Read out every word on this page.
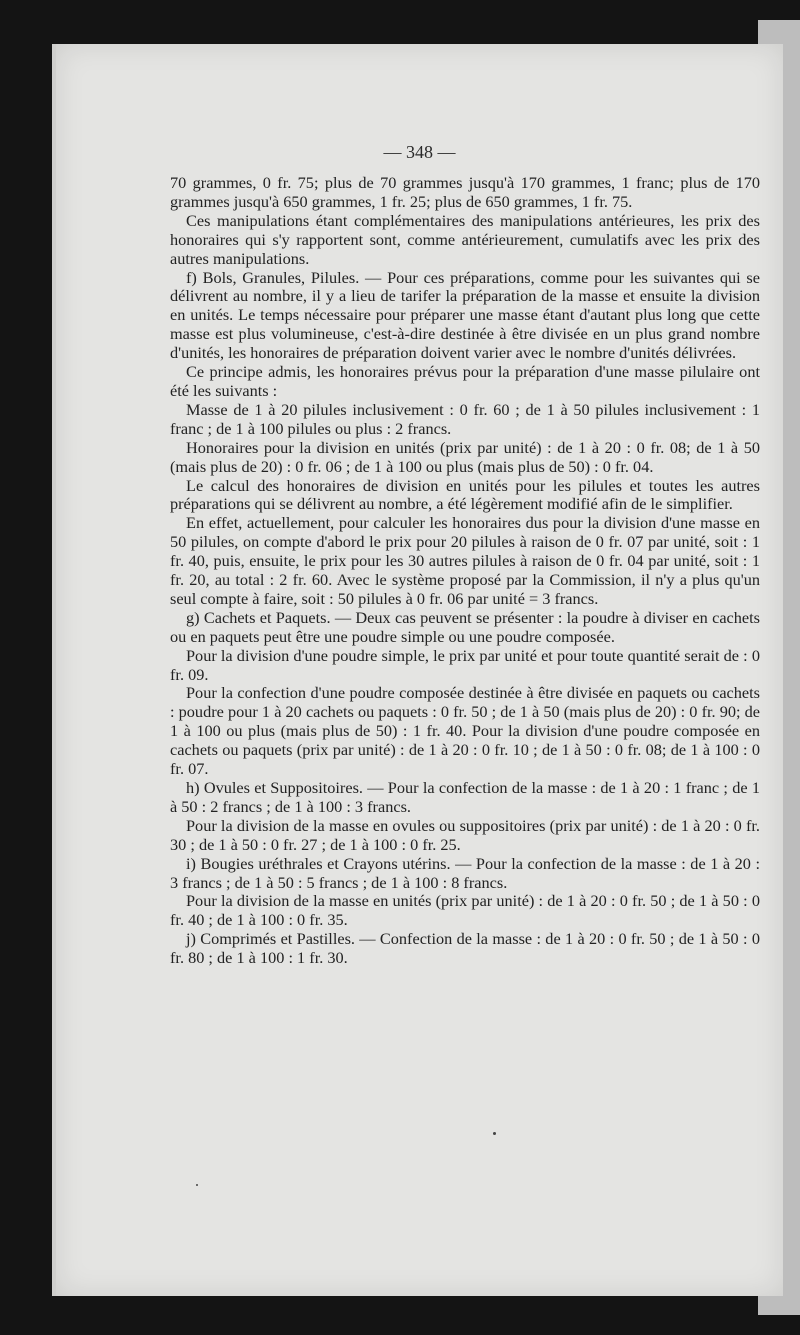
— 348 —

70 grammes, 0 fr. 75; plus de 70 grammes jusqu'à 170 grammes, 1 franc; plus de 170 grammes jusqu'à 650 grammes, 1 fr. 25; plus de 650 grammes, 1 fr. 75.

Ces manipulations étant complémentaires des manipulations antérieures, les prix des honoraires qui s'y rapportent sont, comme antérieurement, cumulatifs avec les prix des autres manipulations.

f) Bols, Granules, Pilules. — Pour ces préparations, comme pour les suivantes qui se délivrent au nombre, il y a lieu de tarifer la préparation de la masse et ensuite la division en unités. Le temps nécessaire pour préparer une masse étant d'autant plus long que cette masse est plus volumineuse, c'est-à-dire destinée à être divisée en un plus grand nombre d'unités, les honoraires de préparation doivent varier avec le nombre d'unités délivrées.

Ce principe admis, les honoraires prévus pour la préparation d'une masse pilulaire ont été les suivants :

Masse de 1 à 20 pilules inclusivement : 0 fr. 60 ; de 1 à 50 pilules inclusivement : 1 franc ; de 1 à 100 pilules ou plus : 2 francs.

Honoraires pour la division en unités (prix par unité) : de 1 à 20 : 0 fr. 08; de 1 à 50 (mais plus de 20) : 0 fr. 06 ; de 1 à 100 ou plus (mais plus de 50) : 0 fr. 04.

Le calcul des honoraires de division en unités pour les pilules et toutes les autres préparations qui se délivrent au nombre, a été légèrement modifié afin de le simplifier.

En effet, actuellement, pour calculer les honoraires dus pour la division d'une masse en 50 pilules, on compte d'abord le prix pour 20 pilules à raison de 0 fr. 07 par unité, soit : 1 fr. 40, puis, ensuite, le prix pour les 30 autres pilules à raison de 0 fr. 04 par unité, soit : 1 fr. 20, au total : 2 fr. 60. Avec le système proposé par la Commission, il n'y a plus qu'un seul compte à faire, soit : 50 pilules à 0 fr. 06 par unité = 3 francs.

g) Cachets et Paquets. — Deux cas peuvent se présenter : la poudre à diviser en cachets ou en paquets peut être une poudre simple ou une poudre composée.

Pour la division d'une poudre simple, le prix par unité et pour toute quantité serait de : 0 fr. 09.

Pour la confection d'une poudre composée destinée à être divisée en paquets ou cachets : poudre pour 1 à 20 cachets ou paquets : 0 fr. 50 ; de 1 à 50 (mais plus de 20) : 0 fr. 90; de 1 à 100 ou plus (mais plus de 50) : 1 fr. 40. Pour la division d'une poudre composée en cachets ou paquets (prix par unité) : de 1 à 20 : 0 fr. 10 ; de 1 à 50 : 0 fr. 08; de 1 à 100 : 0 fr. 07.

h) Ovules et Suppositoires. — Pour la confection de la masse : de 1 à 20 : 1 franc ; de 1 à 50 : 2 francs ; de 1 à 100 : 3 francs.

Pour la division de la masse en ovules ou suppositoires (prix par unité) : de 1 à 20 : 0 fr. 30 ; de 1 à 50 : 0 fr. 27 ; de 1 à 100 : 0 fr. 25.

i) Bougies uréthrales et Crayons utérins. — Pour la confection de la masse : de 1 à 20 : 3 francs ; de 1 à 50 : 5 francs ; de 1 à 100 : 8 francs.

Pour la division de la masse en unités (prix par unité) : de 1 à 20 : 0 fr. 50 ; de 1 à 50 : 0 fr. 40 ; de 1 à 100 : 0 fr. 35.

j) Comprimés et Pastilles. — Confection de la masse : de 1 à 20 : 0 fr. 50 ; de 1 à 50 : 0 fr. 80 ; de 1 à 100 : 1 fr. 30.
